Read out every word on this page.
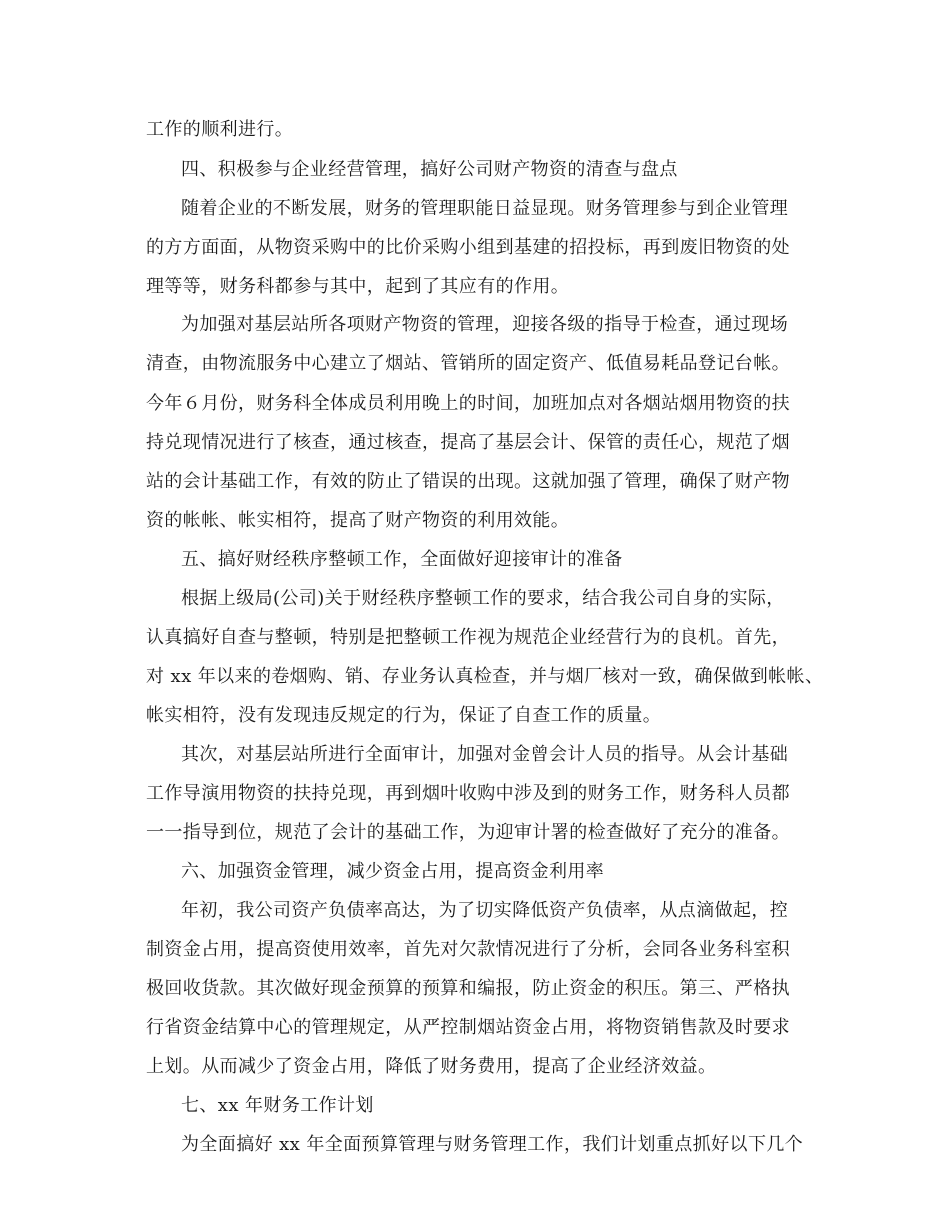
工作的顺利进行。
四、积极参与企业经营管理，搞好公司财产物资的清查与盘点
随着企业的不断发展，财务的管理职能日益显现。财务管理参与到企业管理
的方方面面，从物资采购中的比价采购小组到基建的招投标，再到废旧物资的处
理等等，财务科都参与其中，起到了其应有的作用。
为加强对基层站所各项财产物资的管理，迎接各级的指导于检查，通过现场
清查，由物流服务中心建立了烟站、管销所的固定资产、低值易耗品登记台帐。
今年６月份，财务科全体成员利用晚上的时间，加班加点对各烟站烟用物资的扶
持兑现情况进行了核查，通过核查，提高了基层会计、保管的责任心，规范了烟
站的会计基础工作，有效的防止了错误的出现。这就加强了管理，确保了财产物
资的帐帐、帐实相符，提高了财产物资的利用效能。
五、搞好财经秩序整顿工作，全面做好迎接审计的准备
根据上级局(公司)关于财经秩序整顿工作的要求，结合我公司自身的实际，
认真搞好自查与整顿，特别是把整顿工作视为规范企业经营行为的良机。首先，
对 xx 年以来的卷烟购、销、存业务认真检查，并与烟厂核对一致，确保做到帐帐、
帐实相符，没有发现违反规定的行为，保证了自查工作的质量。
其次，对基层站所进行全面审计，加强对金曾会计人员的指导。从会计基础
工作导演用物资的扶持兑现，再到烟叶收购中涉及到的财务工作，财务科人员都
一一指导到位，规范了会计的基础工作，为迎审计署的检查做好了充分的准备。
六、加强资金管理，减少资金占用，提高资金利用率
年初，我公司资产负债率高达，为了切实降低资产负债率，从点滴做起，控
制资金占用，提高资使用效率，首先对欠款情况进行了分析，会同各业务科室积
极回收货款。其次做好现金预算的预算和编报，防止资金的积压。第三、严格执
行省资金结算中心的管理规定，从严控制烟站资金占用，将物资销售款及时要求
上划。从而减少了资金占用，降低了财务费用，提高了企业经济效益。
七、xx 年财务工作计划
为全面搞好 xx 年全面预算管理与财务管理工作，我们计划重点抓好以下几个
